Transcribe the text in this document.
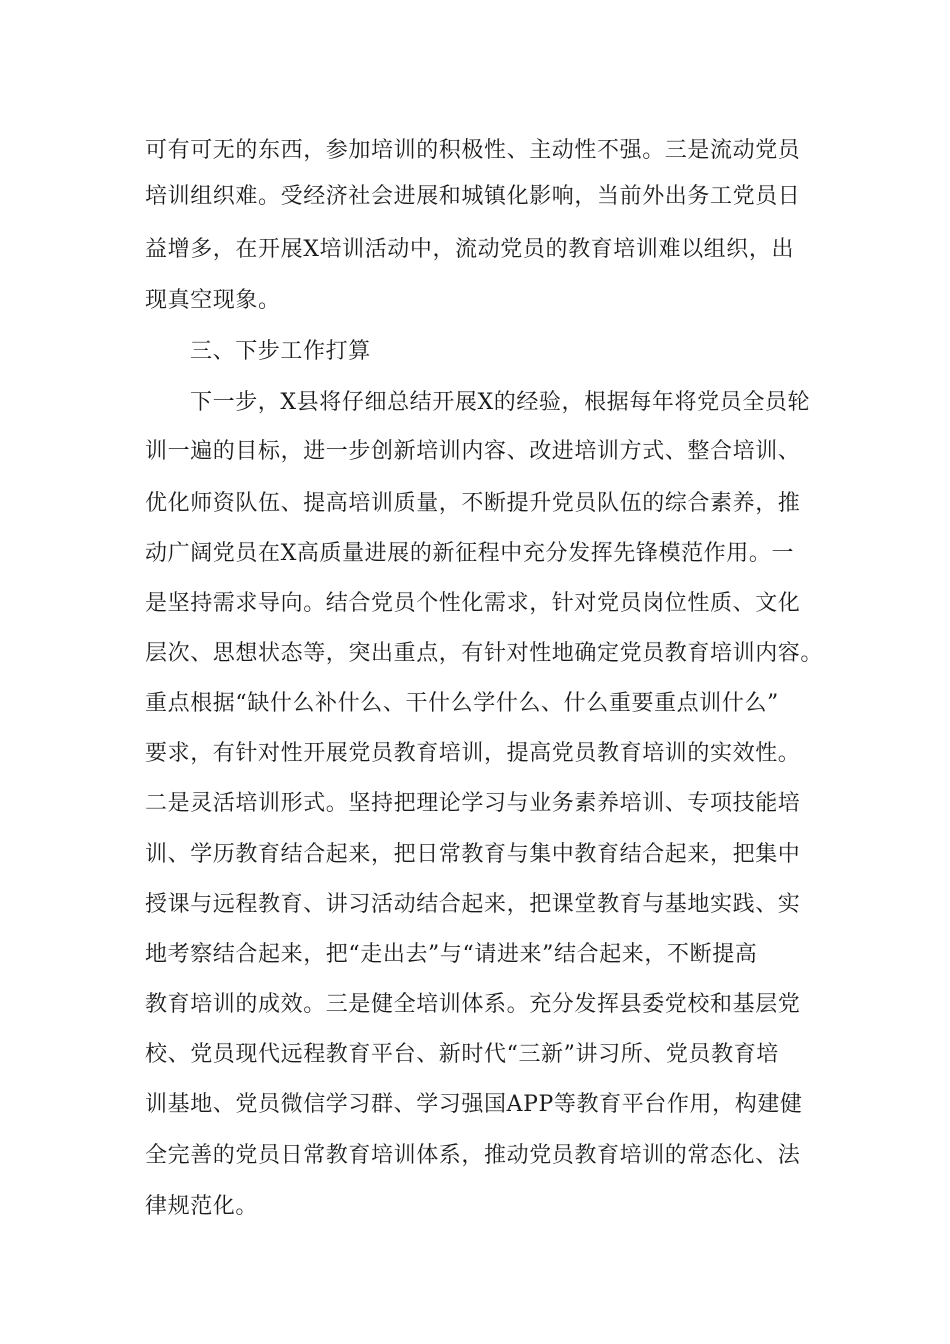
可有可无的东西，参加培训的积极性、主动性不强。三是流动党员
培训组织难。受经济社会进展和城镇化影响，当前外出务工党员日
益增多，在开展X培训活动中，流动党员的教育培训难以组织，出
现真空现象。
三、下步工作打算
下一步，X县将仔细总结开展X的经验，根据每年将党员全员轮
训一遍的目标，进一步创新培训内容、改进培训方式、整合培训、
优化师资队伍、提高培训质量，不断提升党员队伍的综合素养，推
动广阔党员在X高质量进展的新征程中充分发挥先锋模范作用。一
是坚持需求导向。结合党员个性化需求，针对党员岗位性质、文化
层次、思想状态等，突出重点，有针对性地确定党员教育培训内容。
重点根据“缺什么补什么、干什么学什么、什么重要重点训什么”
要求，有针对性开展党员教育培训，提高党员教育培训的实效性。
二是灵活培训形式。坚持把理论学习与业务素养培训、专项技能培
训、学历教育结合起来，把日常教育与集中教育结合起来，把集中
授课与远程教育、讲习活动结合起来，把课堂教育与基地实践、实
地考察结合起来，把“走出去”与“请进来”结合起来，不断提高
教育培训的成效。三是健全培训体系。充分发挥县委党校和基层党
校、党员现代远程教育平台、新时代“三新”讲习所、党员教育培
训基地、党员微信学习群、学习强国APP等教育平台作用，构建健
全完善的党员日常教育培训体系，推动党员教育培训的常态化、法
律规范化。
